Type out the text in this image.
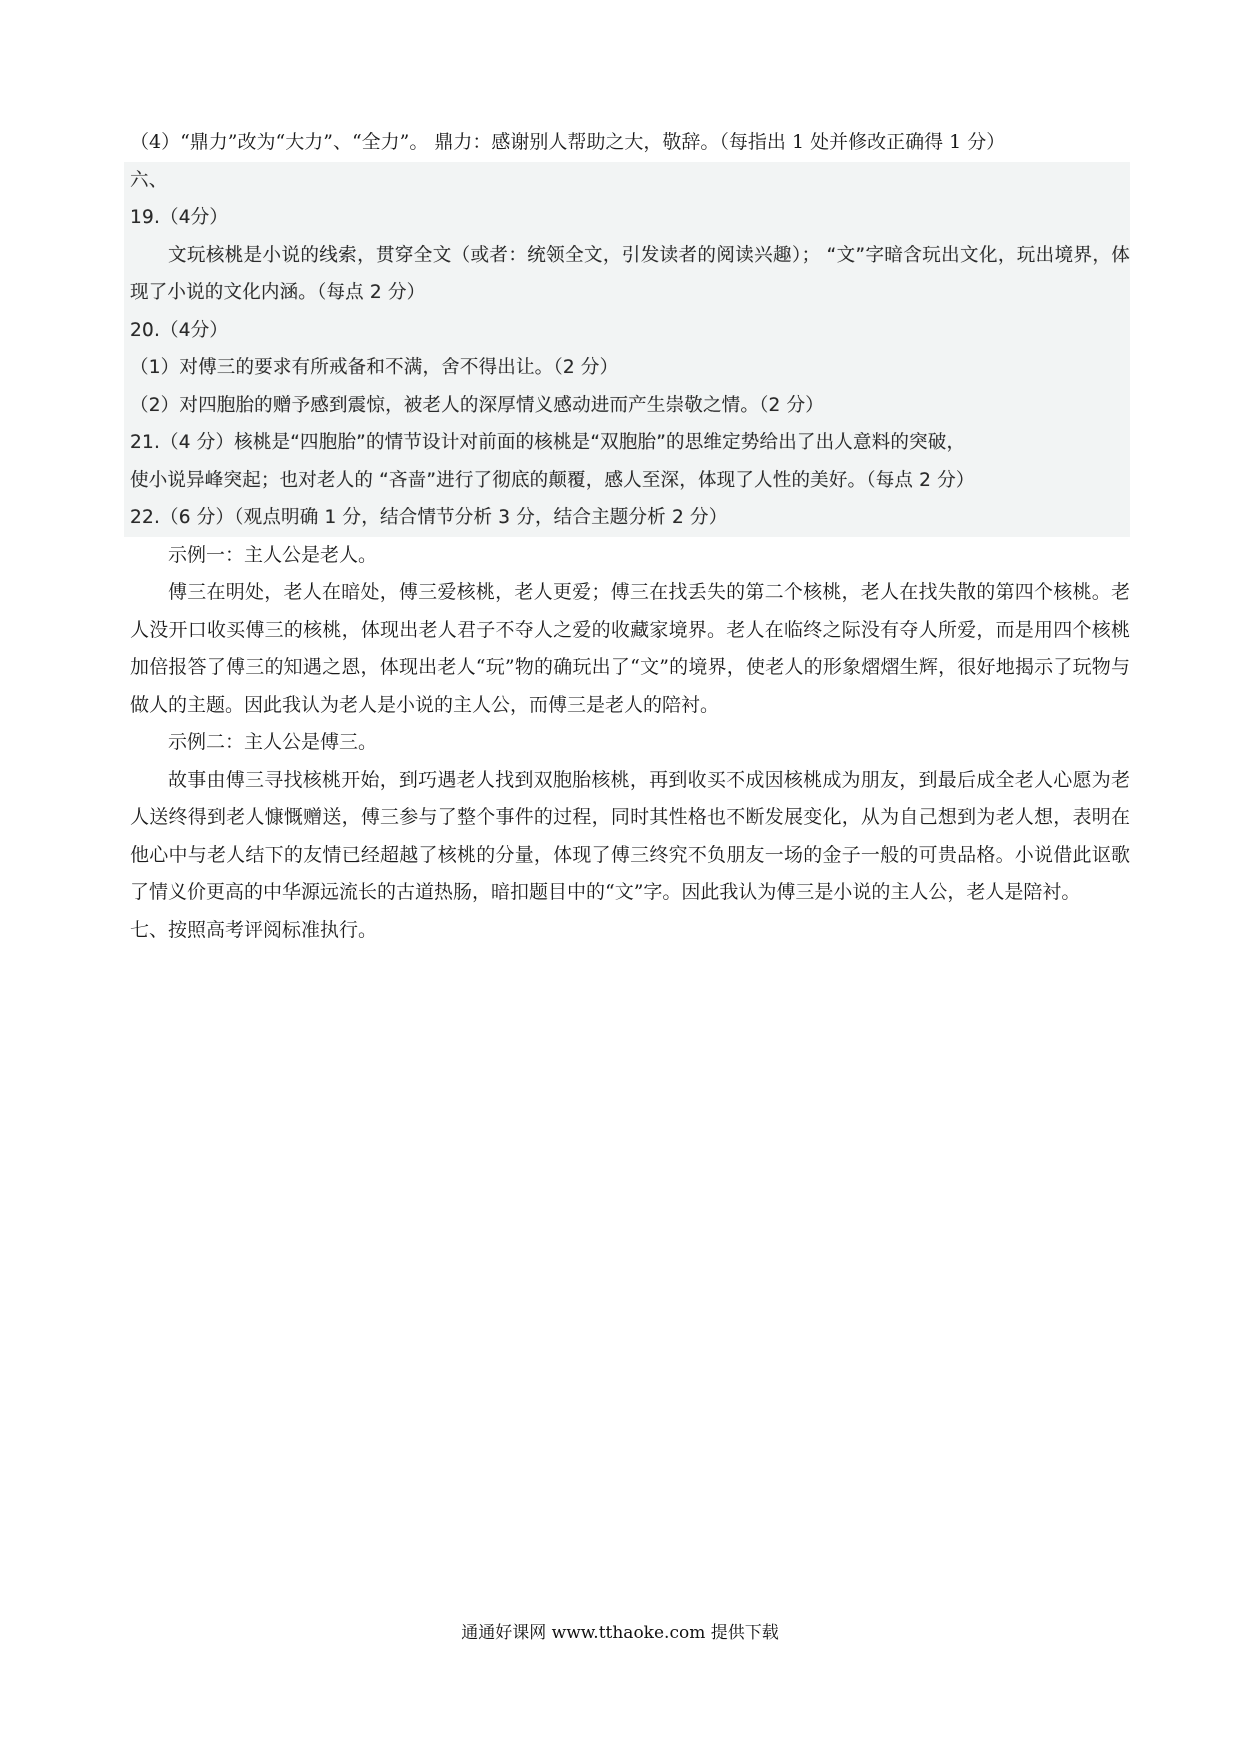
（4）“鼎力”改为“大力”、“全力”。 鼎力：感谢别人帮助之大，敬辞。（每指出 1 处并修改正确得 1 分）

六、

19.（4分）

文玩核桃是小说的线索，贯穿全文（或者：统领全文，引发读者的阅读兴趣）； “文”字暗含玩出文化，玩出境界，体现了小说的文化内涵。（每点 2 分）

20.（4分）

（1）对傅三的要求有所戒备和不满，舍不得出让。（2 分）

（2）对四胞胎的赠予感到震惊，被老人的深厚情义感动进而产生崇敬之情。（2 分）

21.（4 分）核桃是“四胞胎”的情节设计对前面的核桃是“双胞胎”的思维定势给出了出人意料的突破，

使小说异峰突起；也对老人的 “吝啬”进行了彻底的颠覆，感人至深，体现了人性的美好。（每点 2 分）

22.（6 分）（观点明确 1 分，结合情节分析 3 分，结合主题分析 2 分）

示例一：主人公是老人。

傅三在明处，老人在暗处，傅三爱核桃，老人更爱；傅三在找丢失的第二个核桃，老人在找失散的第四个核桃。老人没开口收买傅三的核桃，体现出老人君子不夺人之爱的收藏家境界。老人在临终之际没有夺人所爱，而是用四个核桃加倍报答了傅三的知遇之恩，体现出老人“玩”物的确玩出了“文”的境界，使老人的形象熠熠生辉，很好地揭示了玩物与做人的主题。因此我认为老人是小说的主人公，而傅三是老人的陪衬。

示例二：主人公是傅三。

故事由傅三寻找核桃开始，到巧遇老人找到双胞胎核桃，再到收买不成因核桃成为朋友，到最后成全老人心愿为老人送终得到老人慷慨赠送，傅三参与了整个事件的过程，同时其性格也不断发展变化，从为自己想到为老人想，表明在他心中与老人结下的友情已经超越了核桃的分量，体现了傅三终究不负朋友一场的金子一般的可贵品格。小说借此讴歌了情义价更高的中华源远流长的古道热肠，暗扣题目中的“文”字。因此我认为傅三是小说的主人公，老人是陪衬。

七、按照高考评阅标准执行。

通通好课网 www.tthaoke.com 提供下载
